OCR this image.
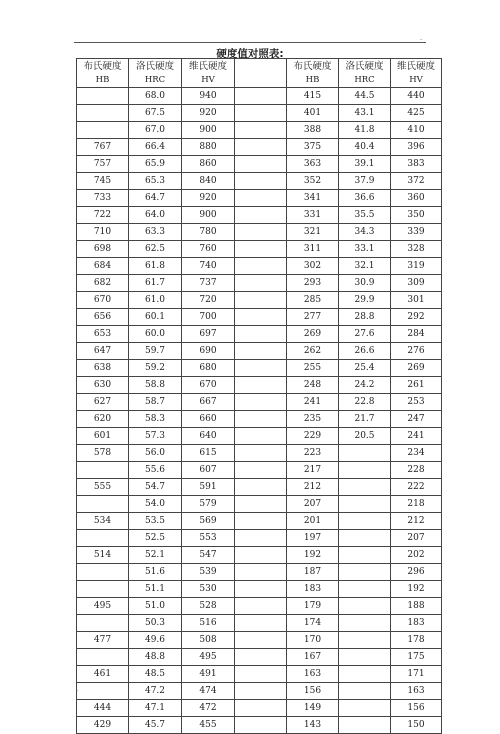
.
硬度值对照表:
布氏硬度
HB	洛氏硬度
HRC	维氏硬度
HV		布氏硬度
HB	洛氏硬度
HRC	维氏硬度
HV
	68.0	940		415	44.5	440
	67.5	920		401	43.1	425
	67.0	900		388	41.8	410
767	66.4	880		375	40.4	396
757	65.9	860		363	39.1	383
745	65.3	840		352	37.9	372
733	64.7	920		341	36.6	360
722	64.0	900		331	35.5	350
710	63.3	780		321	34.3	339
698	62.5	760		311	33.1	328
684	61.8	740		302	32.1	319
682	61.7	737		293	30.9	309
670	61.0	720		285	29.9	301
656	60.1	700		277	28.8	292
653	60.0	697		269	27.6	284
647	59.7	690		262	26.6	276
638	59.2	680		255	25.4	269
630	58.8	670		248	24.2	261
627	58.7	667		241	22.8	253
620	58.3	660		235	21.7	247
601	57.3	640		229	20.5	241
578	56.0	615		223		234
	55.6	607		217		228
555	54.7	591		212		222
	54.0	579		207		218
534	53.5	569		201		212
	52.5	553		197		207
514	52.1	547		192		202
	51.6	539		187		296
	51.1	530		183		192
495	51.0	528		179		188
	50.3	516		174		183
477	49.6	508		170		178
	48.8	495		167		175
461	48.5	491		163		171
	47.2	474		156		163
444	47.1	472		149		156
429	45.7	455		143		150
.
